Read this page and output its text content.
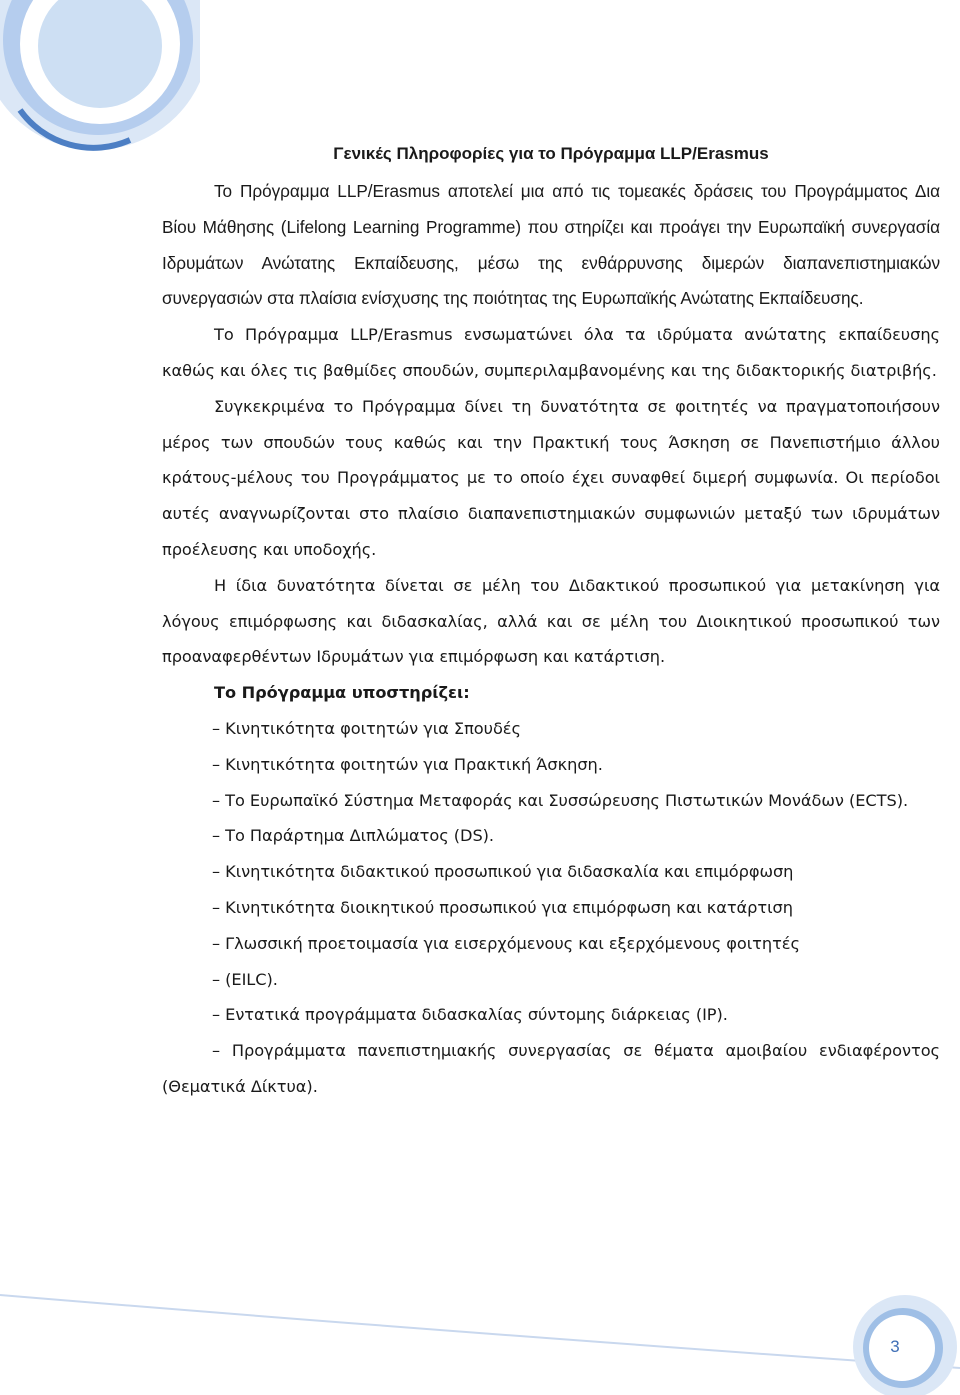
3
Γενικές Πληροφορίες για το Πρόγραμμα LLP/Erasmus

Το Πρόγραμμα LLP/Erasmus αποτελεί μια από τις τομεακές δράσεις του Προγράμματος Δια Βίου Μάθησης (Lifelong Learning Programme) που στηρίζει και προάγει την Ευρωπαϊκή συνεργασία Ιδρυμάτων Ανώτατης Εκπαίδευσης, μέσω της ενθάρρυνσης διμερών διαπανεπιστημιακών συνεργασιών στα πλαίσια ενίσχυσης της ποιότητας της Ευρωπαϊκής Ανώτατης Εκπαίδευσης.

Το Πρόγραμμα LLP/Erasmus ενσωματώνει όλα τα ιδρύματα ανώτατης εκπαίδευσης καθώς και όλες τις βαθμίδες σπουδών, συμπεριλαμβανομένης και της διδακτορικής διατριβής.

Συγκεκριμένα το Πρόγραμμα δίνει τη δυνατότητα σε φοιτητές να πραγματοποιήσουν μέρος των σπουδών τους καθώς και την Πρακτική τους Άσκηση σε Πανεπιστήμιο άλλου κράτους-μέλους του Προγράμματος με το οποίο έχει συναφθεί διμερή συμφωνία. Οι περίοδοι αυτές αναγνωρίζονται στο πλαίσιο διαπανεπιστημιακών συμφωνιών μεταξύ των ιδρυμάτων προέλευσης και υποδοχής.

Η ίδια δυνατότητα δίνεται σε μέλη του Διδακτικού προσωπικού για μετακίνηση για λόγους επιμόρφωσης και διδασκαλίας, αλλά και σε μέλη του Διοικητικού προσωπικού των προαναφερθέντων Ιδρυμάτων για επιμόρφωση και κατάρτιση.

Το Πρόγραμμα υποστηρίζει:

– Κινητικότητα φοιτητών για Σπουδές

– Κινητικότητα φοιτητών για Πρακτική Άσκηση.

– Το Ευρωπαϊκό Σύστημα Μεταφοράς και Συσσώρευσης Πιστωτικών Μονάδων (ECTS).

– Το Παράρτημα Διπλώματος (DS).

– Κινητικότητα διδακτικού προσωπικού για διδασκαλία και επιμόρφωση

– Κινητικότητα διοικητικού προσωπικού για επιμόρφωση και κατάρτιση

– Γλωσσική προετοιμασία για εισερχόμενους και εξερχόμενους φοιτητές

– (EILC).

– Εντατικά προγράμματα διδασκαλίας σύντομης διάρκειας (IP).

– Προγράμματα πανεπιστημιακής συνεργασίας σε θέματα αμοιβαίου ενδιαφέροντος (Θεματικά Δίκτυα).
